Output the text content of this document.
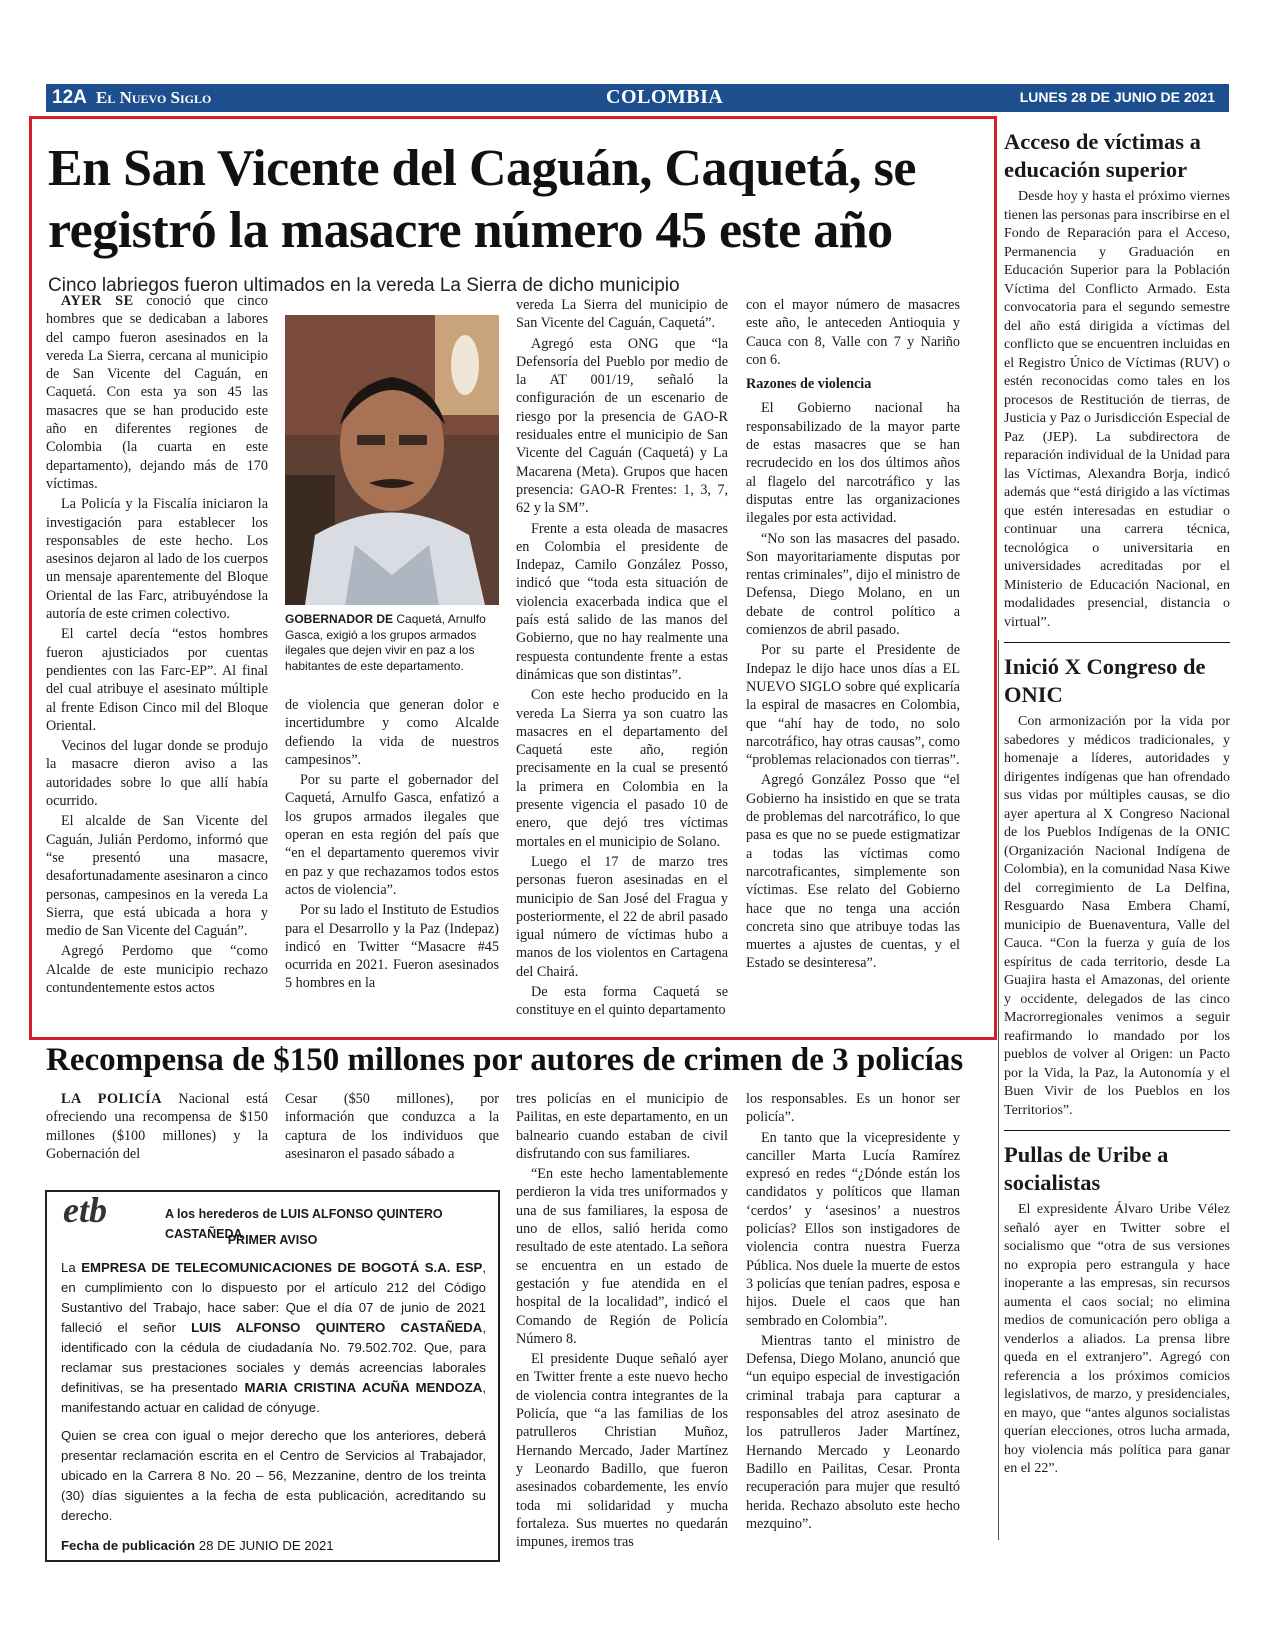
12A El Nuevo Siglo	COLOMBIA	LUNES 28 DE JUNIO DE 2021
En San Vicente del Caguán, Caquetá, se registró la masacre número 45 este año
Cinco labriegos fueron ultimados en la vereda La Sierra de dicho municipio

AYER SE conoció que cinco hombres que se dedicaban a labores del campo fueron asesinados en la vereda La Sierra, cercana al municipio de San Vicente del Caguán, en Caquetá. Con esta ya son 45 las masacres que se han producido este año en diferentes regiones de Colombia (la cuarta en este departamento), dejando más de 170 víctimas.

La Policía y la Fiscalía iniciaron la investigación para establecer los responsables de este hecho. Los asesinos dejaron al lado de los cuerpos un mensaje aparentemente del Bloque Oriental de las Farc, atribuyéndose la autoría de este crimen colectivo.

El cartel decía “estos hombres fueron ajusticiados por cuentas pendientes con las Farc-EP”. Al final del cual atribuye el asesinato múltiple al frente Edison Cinco mil del Bloque Oriental.

Vecinos del lugar donde se produjo la masacre dieron aviso a las autoridades sobre lo que allí había ocurrido.

El alcalde de San Vicente del Caguán, Julián Perdomo, informó que “se presentó una masacre, desafortunadamente asesinaron a cinco personas, campesinos en la vereda La Sierra, que está ubicada a hora y medio de San Vicente del Caguán”.

Agregó Perdomo que “como Alcalde de este municipio rechazo contundentemente estos actos

GOBERNADOR DE Caquetá, Arnulfo Gasca, exigió a los grupos armados ilegales que dejen vivir en paz a los habitantes de este departamento.

de violencia que generan dolor e incertidumbre y como Alcalde defiendo la vida de nuestros campesinos”.

Por su parte el gobernador del Caquetá, Arnulfo Gasca, enfatizó a los grupos armados ilegales que operan en esta región del país que “en el departamento queremos vivir en paz y que rechazamos todos estos actos de violencia”.

Por su lado el Instituto de Estudios para el Desarrollo y la Paz (Indepaz) indicó en Twitter “Masacre #45 ocurrida en 2021. Fueron asesinados 5 hombres en la

vereda La Sierra del municipio de San Vicente del Caguán, Caquetá”.

Agregó esta ONG que “la Defensoría del Pueblo por medio de la AT 001/19, señaló la configuración de un escenario de riesgo por la presencia de GAO-R residuales entre el municipio de San Vicente del Caguán (Caquetá) y La Macarena (Meta). Grupos que hacen presencia: GAO-R Frentes: 1, 3, 7, 62 y la SM”.

Frente a esta oleada de masacres en Colombia el presidente de Indepaz, Camilo González Posso, indicó que “toda esta situación de violencia exacerbada indica que el país está salido de las manos del Gobierno, que no hay realmente una respuesta contundente frente a estas dinámicas que son distintas”.

Con este hecho producido en la vereda La Sierra ya son cuatro las masacres en el departamento del Caquetá este año, región precisamente en la cual se presentó la primera en Colombia en la presente vigencia el pasado 10 de enero, que dejó tres víctimas mortales en el municipio de Solano.

Luego el 17 de marzo tres personas fueron asesinadas en el municipio de San José del Fragua y posteriormente, el 22 de abril pasado igual número de víctimas hubo a manos de los violentos en Cartagena del Chairá.

De esta forma Caquetá se constituye en el quinto departamento

con el mayor número de masacres este año, le anteceden Antioquia y Cauca con 8, Valle con 7 y Nariño con 6.

Razones de violencia

El Gobierno nacional ha responsabilizado de la mayor parte de estas masacres que se han recrudecido en los dos últimos años al flagelo del narcotráfico y las disputas entre las organizaciones ilegales por esta actividad.

“No son las masacres del pasado. Son mayoritariamente disputas por rentas criminales”, dijo el ministro de Defensa, Diego Molano, en un debate de control político a comienzos de abril pasado.

Por su parte el Presidente de Indepaz le dijo hace unos días a EL NUEVO SIGLO sobre qué explicaría la espiral de masacres en Colombia, que “ahí hay de todo, no solo narcotráfico, hay otras causas”, como “problemas relacionados con tierras”.

Agregó González Posso que “el Gobierno ha insistido en que se trata de problemas del narcotráfico, lo que pasa es que no se puede estigmatizar a todas las víctimas como narcotraficantes, simplemente son víctimas. Ese relato del Gobierno hace que no tenga una acción concreta sino que atribuye todas las muertes a ajustes de cuentas, y el Estado se desinteresa”.

Recompensa de $150 millones por autores de crimen de 3 policías

LA POLICÍA Nacional está ofreciendo una recompensa de $150 millones ($100 millones) y la Gobernación del

Cesar ($50 millones), por información que conduzca a la captura de los individuos que asesinaron el pasado sábado a

tres policías en el municipio de Pailitas, en este departamento, en un balneario cuando estaban de civil disfrutando con sus familiares.

“En este hecho lamentablemente perdieron la vida tres uniformados y una de sus familiares, la esposa de uno de ellos, salió herida como resultado de este atentado. La señora se encuentra en un estado de gestación y fue atendida en el hospital de la localidad”, indicó el Comando de Región de Policía Número 8.

El presidente Duque señaló ayer en Twitter frente a este nuevo hecho de violencia contra integrantes de la Policía, que “a las familias de los patrulleros Christian Muñoz, Hernando Mercado, Jader Martínez y Leonardo Badillo, que fueron asesinados cobardemente, les envío toda mi solidaridad y mucha fortaleza. Sus muertes no quedarán impunes, iremos tras

los responsables. Es un honor ser policía”.

En tanto que la vicepresidente y canciller Marta Lucía Ramírez expresó en redes “¿Dónde están los candidatos y políticos que llaman ‘cerdos’ y ‘asesinos’ a nuestros policías? Ellos son instigadores de violencia contra nuestra Fuerza Pública. Nos duele la muerte de estos 3 policías que tenían padres, esposa e hijos. Duele el caos que han sembrado en Colombia”.

Mientras tanto el ministro de Defensa, Diego Molano, anunció que “un equipo especial de investigación criminal trabaja para capturar a responsables del atroz asesinato de los patrulleros Jader Martínez, Hernando Mercado y Leonardo Badillo en Pailitas, Cesar. Pronta recuperación para mujer que resultó herida. Rechazo absoluto este hecho mezquino”.

etb	A los herederos de LUIS ALFONSO QUINTERO CASTAÑEDA
PRIMER AVISO

La EMPRESA DE TELECOMUNICACIONES DE BOGOTÁ S.A. ESP, en cumplimiento con lo dispuesto por el artículo 212 del Código Sustantivo del Trabajo, hace saber: Que el día 07 de junio de 2021 falleció el señor LUIS ALFONSO QUINTERO CASTAÑEDA, identificado con la cédula de ciudadanía No. 79.502.702. Que, para reclamar sus prestaciones sociales y demás acreencias laborales definitivas, se ha presentado MARIA CRISTINA ACUÑA MENDOZA, manifestando actuar en calidad de cónyuge.

Quien se crea con igual o mejor derecho que los anteriores, deberá presentar reclamación escrita en el Centro de Servicios al Trabajador, ubicado en la Carrera 8 No. 20 – 56, Mezzanine, dentro de los treinta (30) días siguientes a la fecha de esta publicación, acreditando su derecho.

Fecha de publicación 28 DE JUNIO DE 2021
Acceso de víctimas a educación superior

Desde hoy y hasta el próximo viernes tienen las personas para inscribirse en el Fondo de Reparación para el Acceso, Permanencia y Graduación en Educación Superior para la Población Víctima del Conflicto Armado. Esta convocatoria para el segundo semestre del año está dirigida a víctimas del conflicto que se encuentren incluidas en el Registro Único de Víctimas (RUV) o estén reconocidas como tales en los procesos de Restitución de tierras, de Justicia y Paz o Jurisdicción Especial de Paz (JEP). La subdirectora de reparación individual de la Unidad para las Víctimas, Alexandra Borja, indicó además que “está dirigido a las víctimas que estén interesadas en estudiar o continuar una carrera técnica, tecnológica o universitaria en universidades acreditadas por el Ministerio de Educación Nacional, en modalidades presencial, distancia o virtual”.

Inició X Congreso de ONIC

Con armonización por la vida por sabedores y médicos tradicionales, y homenaje a líderes, autoridades y dirigentes indígenas que han ofrendado sus vidas por múltiples causas, se dio ayer apertura al X Congreso Nacional de los Pueblos Indígenas de la ONIC (Organización Nacional Indígena de Colombia), en la comunidad Nasa Kiwe del corregimiento de La Delfina, Resguardo Nasa Embera Chamí, municipio de Buenaventura, Valle del Cauca. “Con la fuerza y guía de los espíritus de cada territorio, desde La Guajira hasta el Amazonas, del oriente y occidente, delegados de las cinco Macrorregionales venimos a seguir reafirmando lo mandado por los pueblos de volver al Origen: un Pacto por la Vida, la Paz, la Autonomía y el Buen Vivir de los Pueblos en los Territorios”.

Pullas de Uribe a socialistas

El expresidente Álvaro Uribe Vélez señaló ayer en Twitter sobre el socialismo que “otra de sus versiones no expropia pero estrangula y hace inoperante a las empresas, sin recursos aumenta el caos social; no elimina medios de comunicación pero obliga a venderlos a aliados. La prensa libre queda en el extranjero”. Agregó con referencia a los próximos comicios legislativos, de marzo, y presidenciales, en mayo, que “antes algunos socialistas querían elecciones, otros lucha armada, hoy violencia más política para ganar en el 22”.
